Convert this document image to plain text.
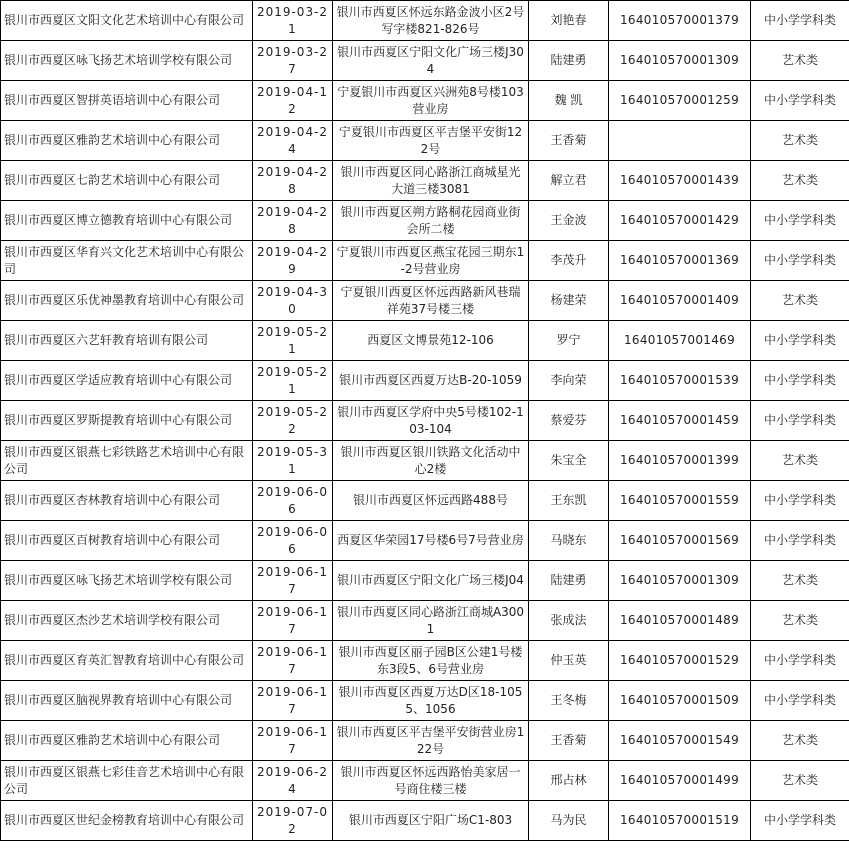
银川市西夏区文阳文化艺术培训中心有限公司	2019-03-21	银川市西夏区怀远东路金波小区2号写字楼821-826号	刘艳春	164010570001379	中小学学科类
银川市西夏区咏飞扬艺术培训学校有限公司	2019-03-27	银川市西夏区宁阳文化广场三楼J304	陆建勇	164010570001309	艺术类
银川市西夏区智拼英语培训中心有限公司	2019-04-12	宁夏银川市西夏区兴洲苑8号楼103营业房	魏 凯	164010570001259	中小学学科类
银川市西夏区雅韵艺术培训中心有限公司	2019-04-24	宁夏银川市西夏区平吉堡平安街122号	王香菊		艺术类
银川市西夏区七韵艺术培训中心有限公司	2019-04-28	银川市西夏区同心路浙江商城星光大道三楼3081	解立君	164010570001439	艺术类
银川市西夏区博立德教育培训中心有限公司	2019-04-28	银川市西夏区朔方路桐花园商业街会所二楼	王金波	164010570001429	中小学学科类
银川市西夏区华育兴文化艺术培训中心有限公司	2019-04-29	宁夏银川市西夏区燕宝花园三期东1-2号营业房	李茂升	164010570001369	中小学学科类
银川市西夏区乐优神墨教育培训中心有限公司	2019-04-30	宁夏银川西夏区怀远西路新风巷瑞祥苑37号楼三楼	杨建荣	164010570001409	艺术类
银川市西夏区六艺轩教育培训有限公司	2019-05-21	西夏区文博景苑12-106	罗宁	16401057001469	中小学学科类
银川市西夏区学适应教育培训中心有限公司	2019-05-21	银川市西夏区西夏万达B-20-1059	李向荣	164010570001539	中小学学科类
银川市西夏区罗斯提教育培训中心有限公司	2019-05-22	银川市西夏区学府中央5号楼102-103-104	蔡爱芬	164010570001459	中小学学科类
银川市西夏区银燕七彩铁路艺术培训中心有限公司	2019-05-31	银川市西夏区银川铁路文化活动中心2楼	朱宝全	164010570001399	艺术类
银川市西夏区杏林教育培训中心有限公司	2019-06-06	银川市西夏区怀远西路488号	王东凯	164010570001559	中小学学科类
银川市西夏区百树教育培训中心有限公司	2019-06-06	西夏区华荣园17号楼6号7号营业房	马晓东	164010570001569	中小学学科类
银川市西夏区咏飞扬艺术培训学校有限公司	2019-06-17	银川市西夏区宁阳文化广场三楼J04	陆建勇	164010570001309	艺术类
银川市西夏区杰沙艺术培训学校有限公司	2019-06-17	银川市西夏区同心路浙江商城A3001	张成法	164010570001489	艺术类
银川市西夏区育英汇智教育培训中心有限公司	2019-06-17	银川市西夏区丽子园B区公建1号楼东3段5、6号营业房	仲玉英	164010570001529	中小学学科类
银川市西夏区脑视界教育培训中心有限公司	2019-06-17	银川市西夏区西夏万达D区18-1055、1056	王冬梅	164010570001509	中小学学科类
银川市西夏区雅韵艺术培训中心有限公司	2019-06-17	银川市西夏区平吉堡平安街营业房122号	王香菊	164010570001549	艺术类
银川市西夏区银燕七彩佳音艺术培训中心有限公司	2019-06-24	银川市西夏区怀远西路怡美家居一号商住楼三楼	邢占林	164010570001499	艺术类
银川市西夏区世纪金榜教育培训中心有限公司	2019-07-02	银川市西夏区宁阳广场C1-803	马为民	164010570001519	中小学学科类
